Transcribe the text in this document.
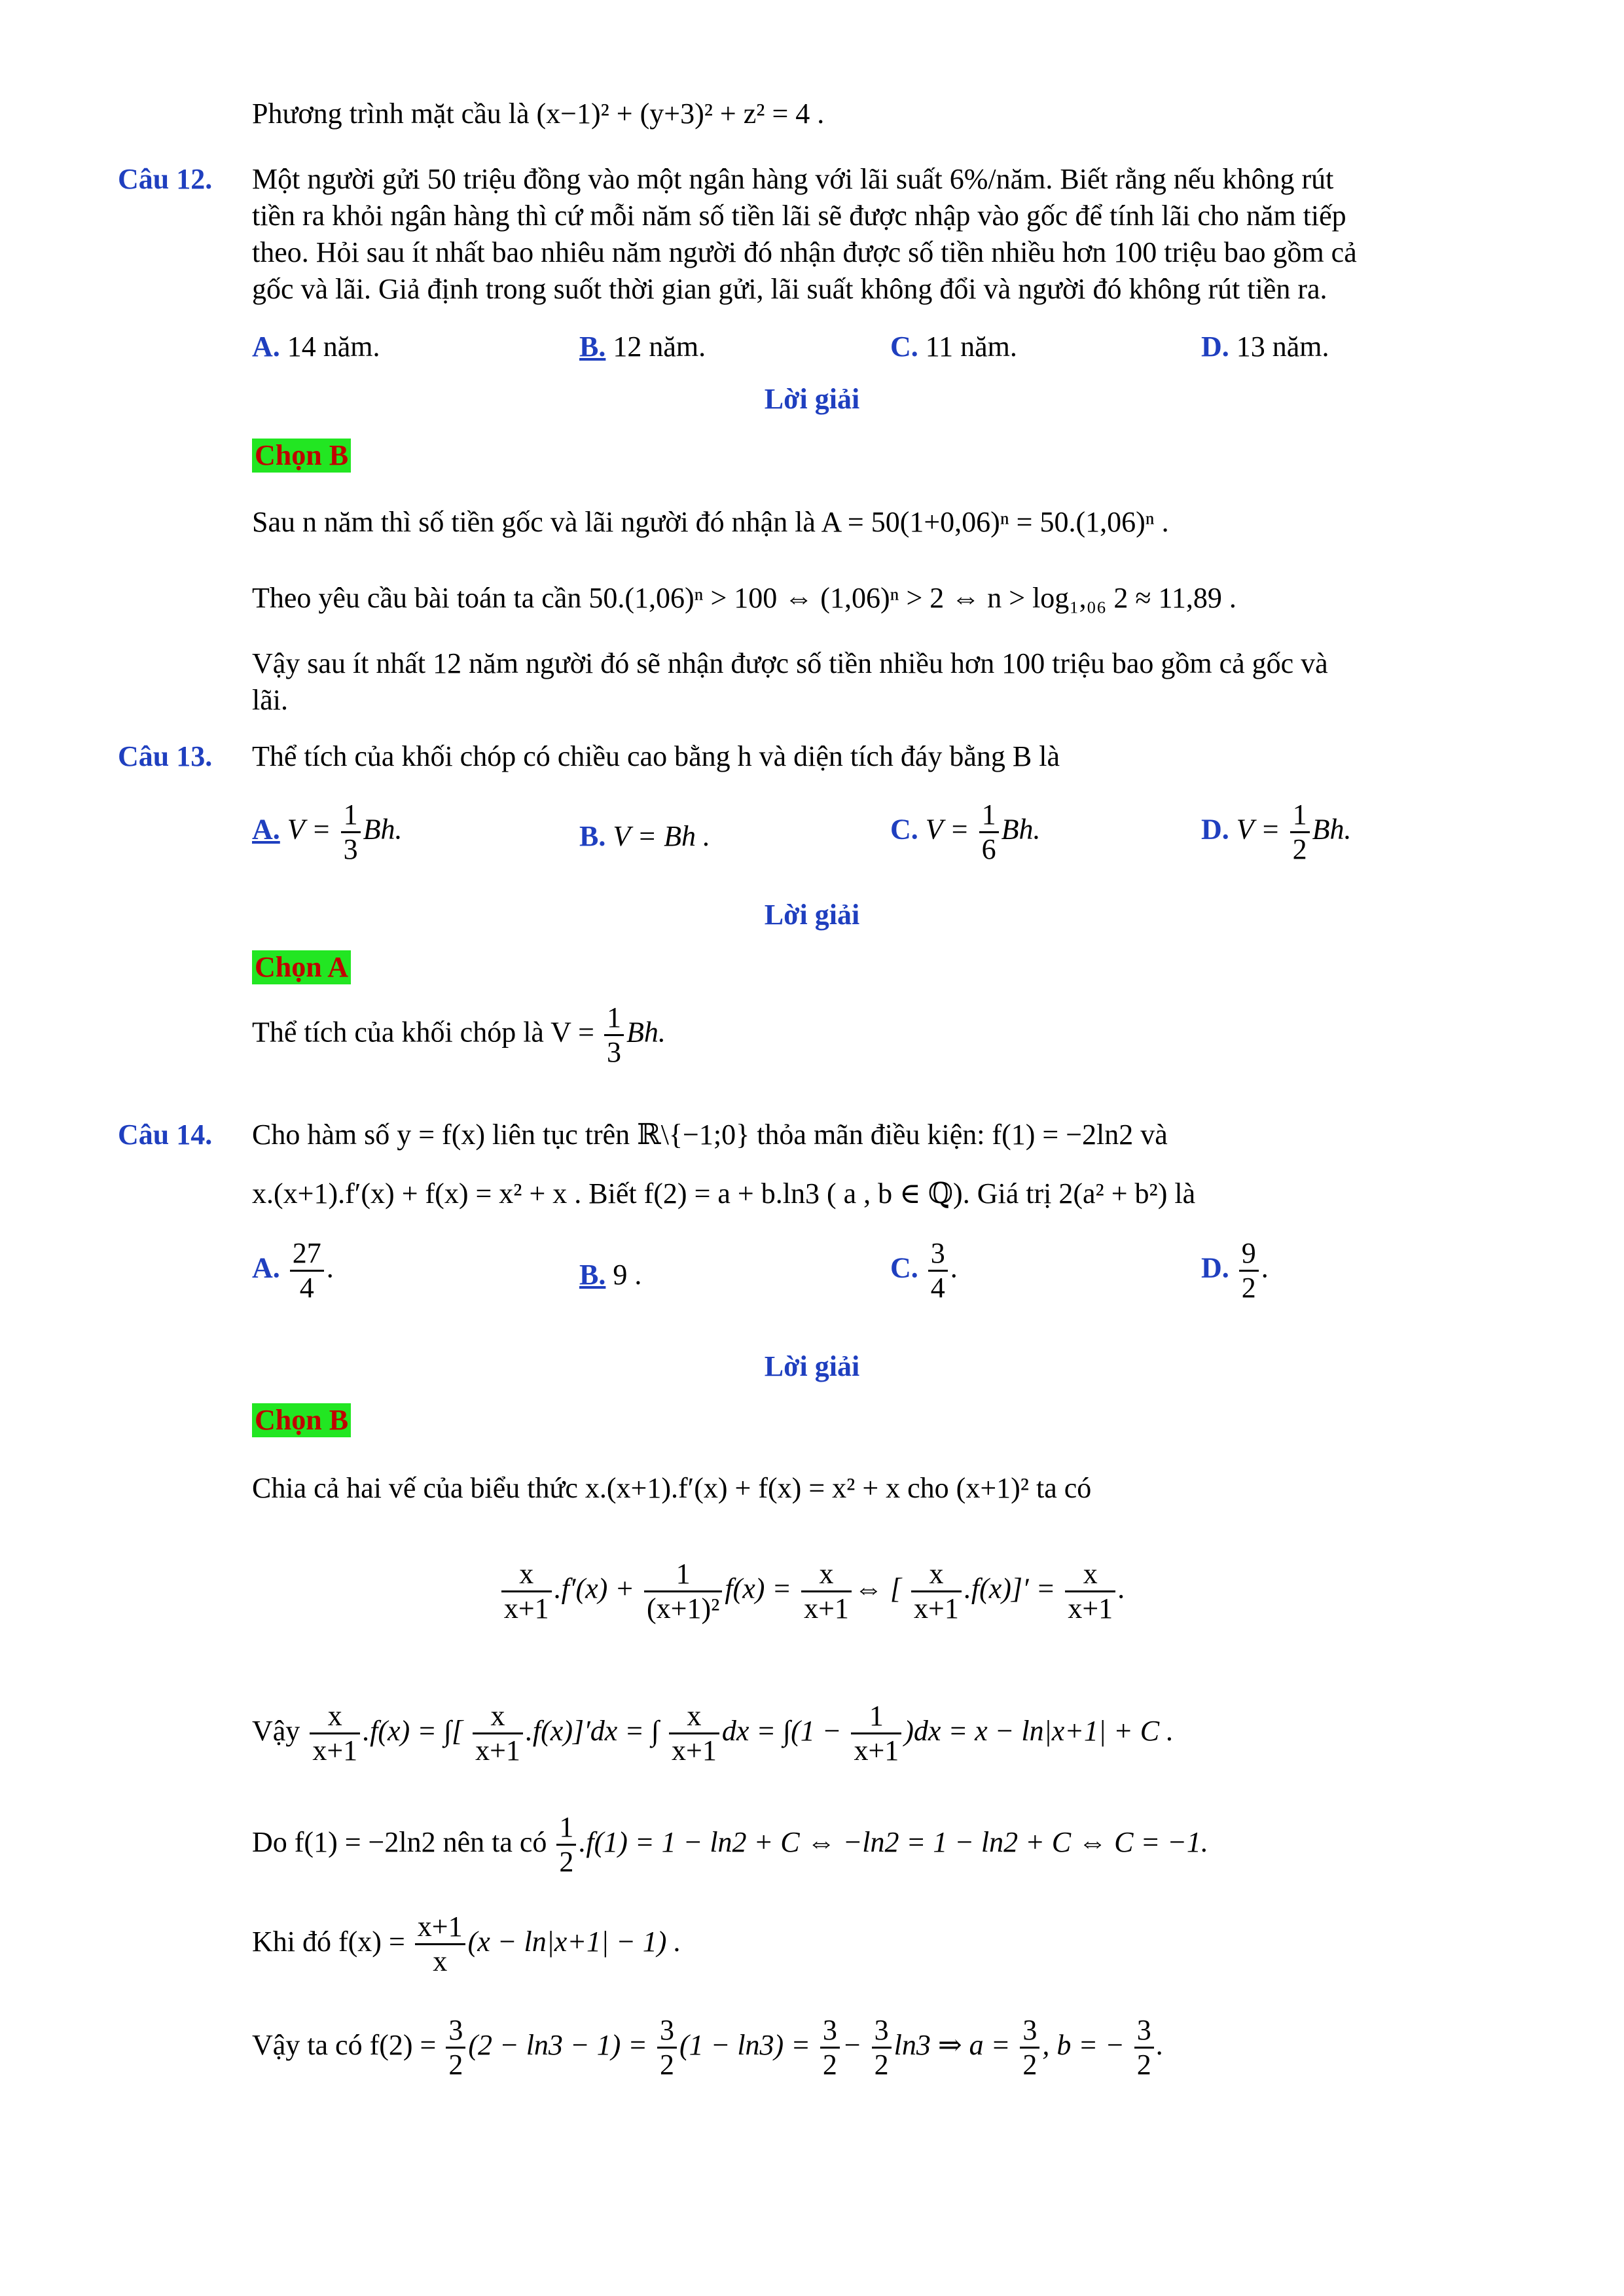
Phương trình mặt cầu là (x−1)² + (y+3)² + z² = 4 .
Câu 12. Một người gửi 50 triệu đồng vào một ngân hàng với lãi suất 6%/năm. Biết rằng nếu không rút
tiền ra khỏi ngân hàng thì cứ mỗi năm số tiền lãi sẽ được nhập vào gốc để tính lãi cho năm tiếp
theo. Hỏi sau ít nhất bao nhiêu năm người đó nhận được số tiền nhiều hơn 100 triệu bao gồm cả
gốc và lãi. Giả định trong suốt thời gian gửi, lãi suất không đổi và người đó không rút tiền ra.
A. 14 năm.	B. 12 năm.	C. 11 năm.	D. 13 năm.
Lời giải
Chọn B
Sau n năm thì số tiền gốc và lãi người đó nhận là A = 50(1+0,06)ⁿ = 50.(1,06)ⁿ .
Theo yêu cầu bài toán ta cần 50.(1,06)ⁿ > 100 ⇔ (1,06)ⁿ > 2 ⇔ n > log₁,₀₆ 2 ≈ 11,89 .
Vậy sau ít nhất 12 năm người đó sẽ nhận được số tiền nhiều hơn 100 triệu bao gồm cả gốc và
lãi.
Câu 13. Thể tích của khối chóp có chiều cao bằng h và diện tích đáy bằng B là
A. $V = \frac{1}{3} Bh$.	B. V = Bh .	C. $V = \frac{1}{6} Bh$.	D. $V = \frac{1}{2} Bh$.
Lời giải
Chọn A
Thể tích của khối chóp là $V = \frac{1}{3} Bh$.
Câu 14. Cho hàm số y = f(x) liên tục trên ℝ\{−1;0} thỏa mãn điều kiện: f(1) = −2ln2 và
x.(x+1).f′(x) + f(x) = x² + x . Biết f(2) = a + b.ln3 ( a , b ∈ ℚ). Giá trị 2(a² + b²) là
A. $\frac{27}{4}$ .	B. 9 .	C. $\frac{3}{4}$ .	D. $\frac{9}{2}$ .
Lời giải
Chọn B
Chia cả hai vế của biểu thức x.(x+1).f′(x) + f(x) = x² + x cho (x+1)² ta có
$\frac{x}{x+1} .f'(x) + \frac{1}{\text{(x+1)²}} f(x) = \frac{x}{x+1}$ ⇔ [ $\frac{x}{x+1} .f(x)]' = \frac{x}{x+1}$ .
Vậy $\frac{x}{x+1} .f(x)$ = ∫[ $\frac{x}{x+1} .f(x)]'dx$ = ∫ $\frac{x}{x+1}$ dx = $\int(1 - \frac{1}{x+1} )dx = x - \ln|x+1| + C$ .
Do f(1) = −2ln2 nên ta có $\frac{1}{2} .f(1) = 1 - \ln 2 + C$ ⇔ −ln2 = 1 − ln2 + C ⇔ C = −1.
Khi đó $f(x) = \frac{x+1}{x} (x - \ln|x+1| - 1)$ .
Vậy ta có $f(2) = \frac{3}{2} (2 - \ln 3 - 1) = \frac{3}{2} (1 - \ln 3) = \frac{3}{2} - \frac{3}{2} \ln 3$ ⇒ $a = \frac{3}{2}$ , b = − $\frac{3}{2}$ .
